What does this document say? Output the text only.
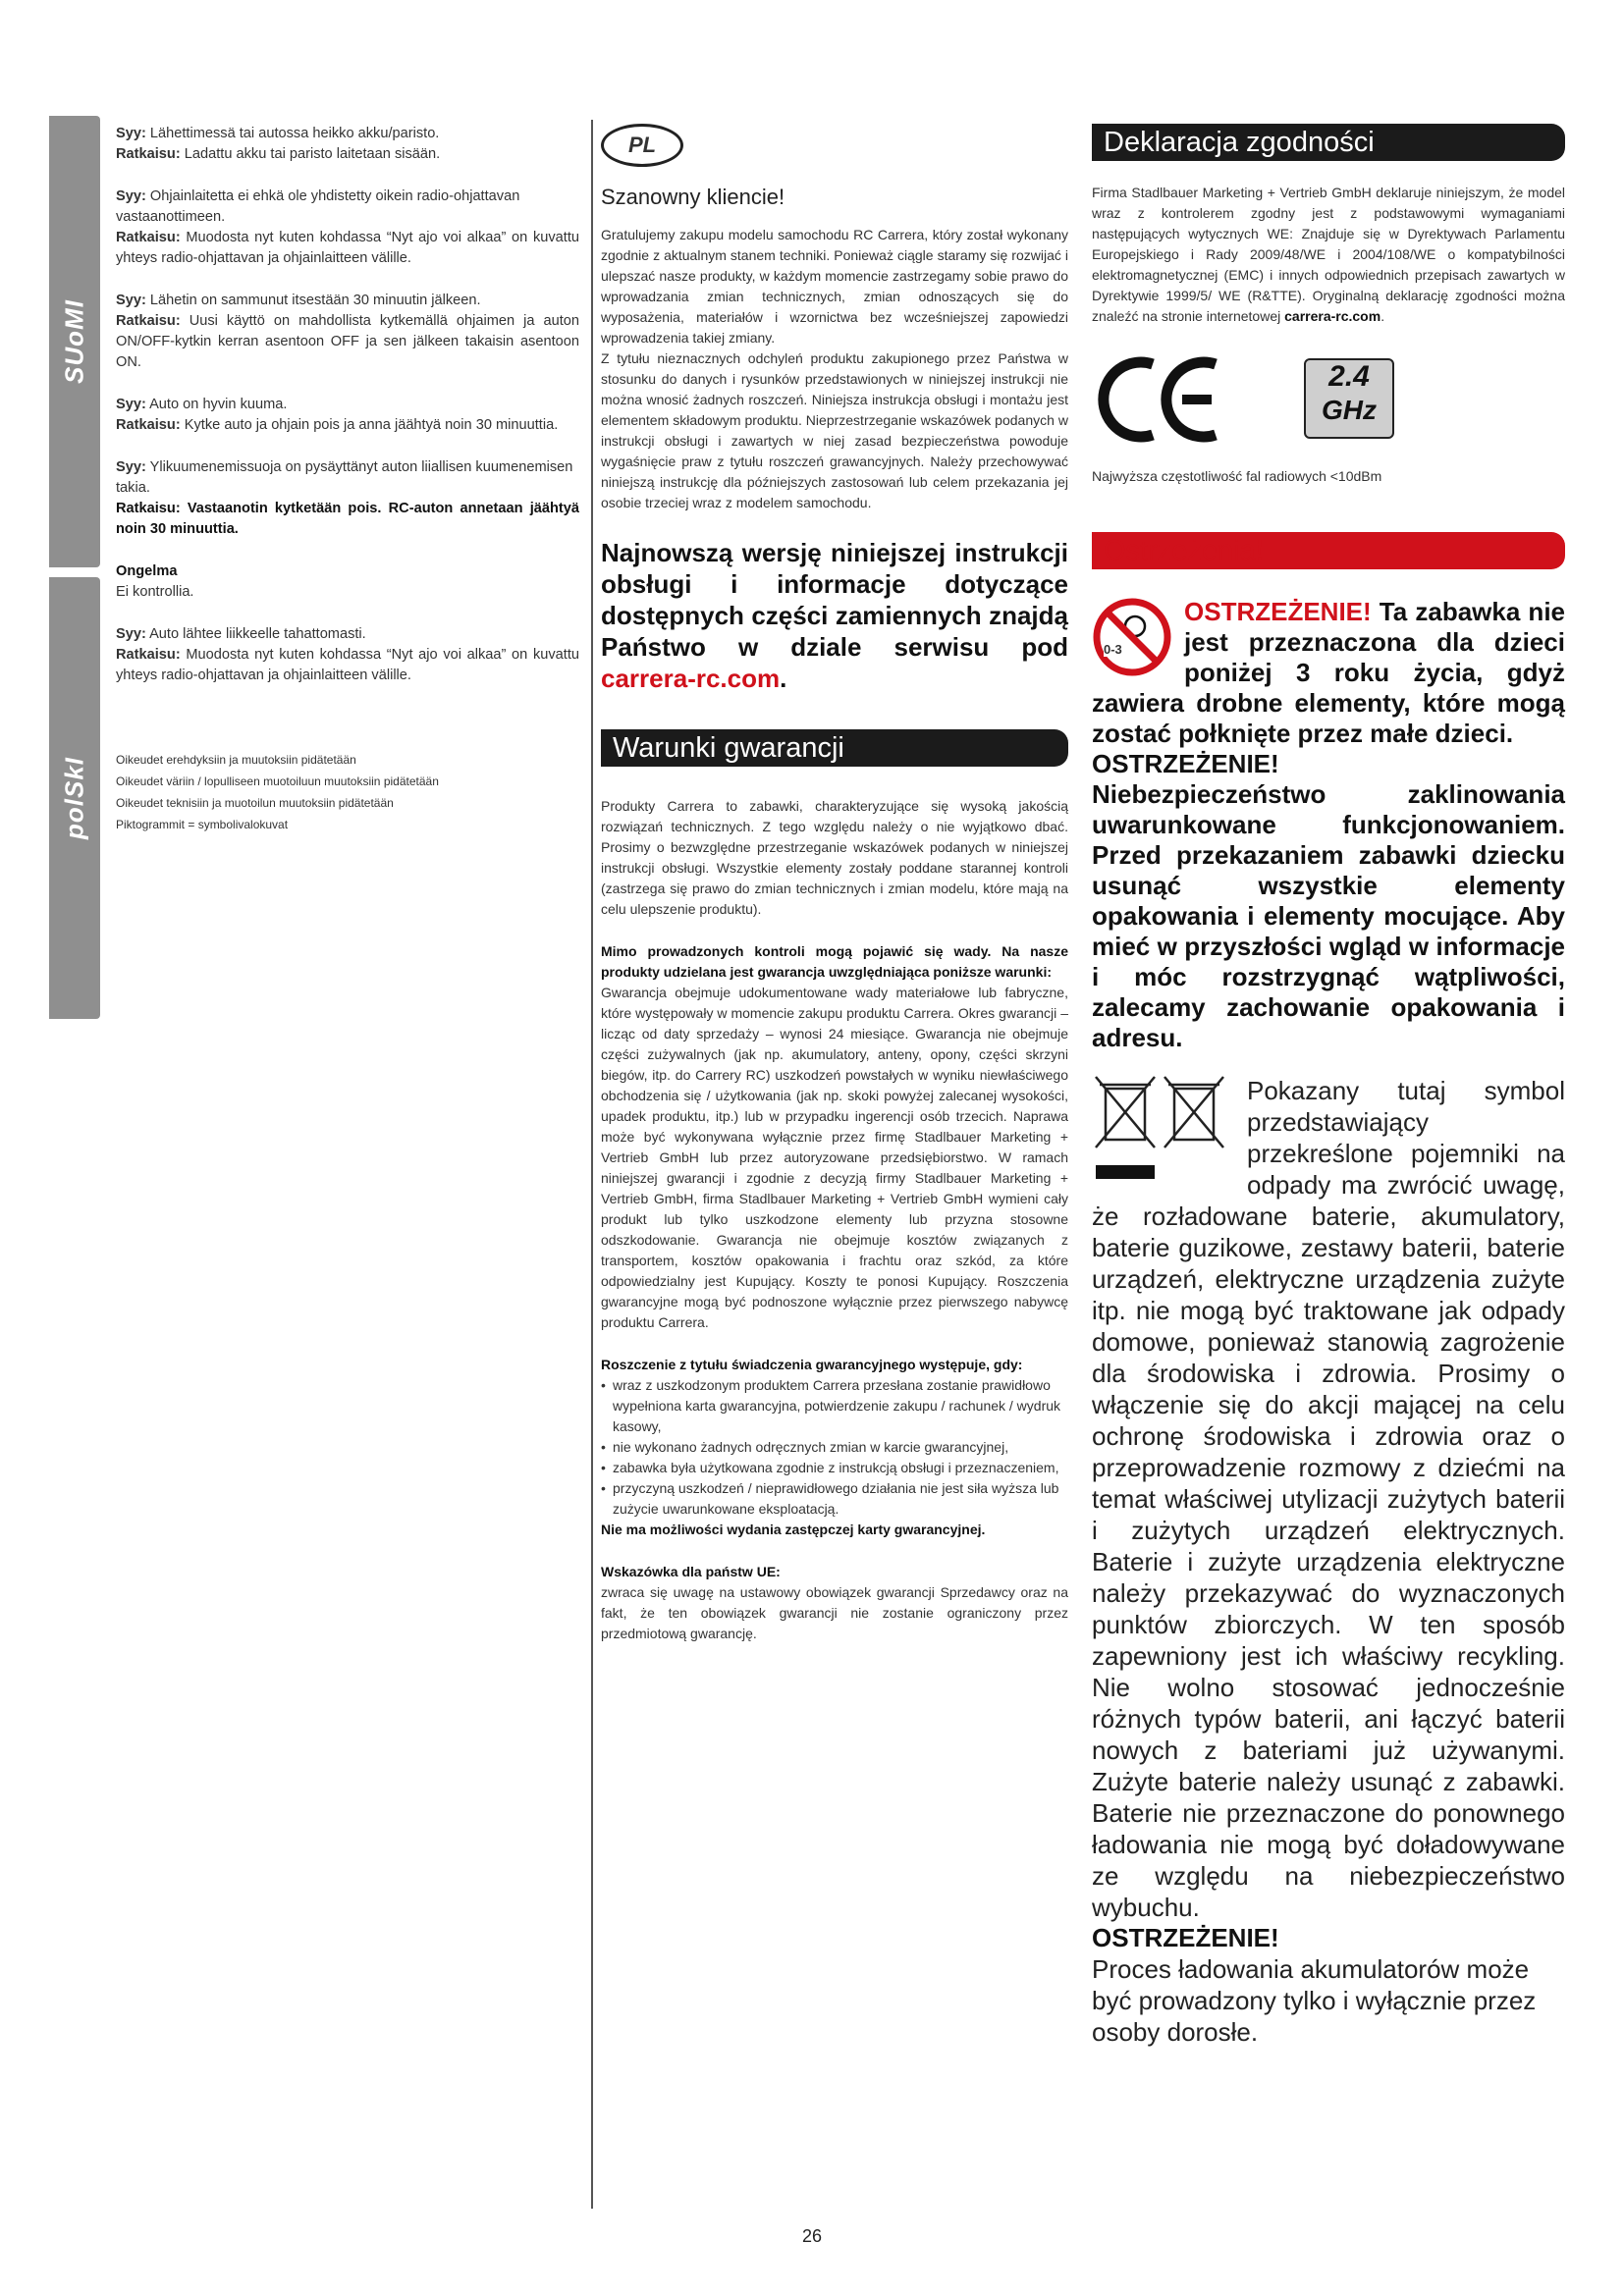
SUoMI
polSkI

Syy: Lähettimessä tai autossa heikko akku/paristo.

Ratkaisu: Ladattu akku tai paristo laitetaan sisään.

Syy: Ohjainlaitetta ei ehkä ole yhdistetty oikein radio-ohjattavan vastaanottimeen.

Ratkaisu: Muodosta nyt kuten kohdassa “Nyt ajo voi alkaa” on kuvattu yhteys radio-ohjattavan ja ohjainlaitteen välille.

Syy: Lähetin on sammunut itsestään 30 minuutin jälkeen.

Ratkaisu: Uusi käyttö on mahdollista kytkemällä ohjaimen ja auton ON/OFF-kytkin kerran asentoon OFF ja sen jälkeen takaisin asentoon ON.

Syy: Auto on hyvin kuuma.

Ratkaisu: Kytke auto ja ohjain pois ja anna jäähtyä noin 30 minuuttia.

Syy: Ylikuumenemissuoja on pysäyttänyt auton liiallisen kuumenemisen takia.

Ratkaisu: Vastaanotin kytketään pois. RC-auton annetaan jäähtyä noin 30 minuuttia.

Ongelma

Ei kontrollia.

Syy: Auto lähtee liikkeelle tahattomasti.

Ratkaisu: Muodosta nyt kuten kohdassa “Nyt ajo voi alkaa” on kuvattu yhteys radio-ohjattavan ja ohjainlaitteen välille.

Oikeudet erehdyksiin ja muutoksiin pidätetään

Oikeudet väriin / lopulliseen muotoiluun muutoksiin pidätetään

Oikeudet teknisiin ja muotoilun muutoksiin pidätetään

Piktogrammit = symbolivalokuvat

PL
Szanowny kliencie!

Gratulujemy zakupu modelu samochodu RC Carrera, który został wykonany zgodnie z aktualnym stanem techniki. Ponieważ ciągle staramy się rozwijać i ulepszać nasze produkty, w każdym momencie zastrzegamy sobie prawo do wprowadzania zmian technicznych, zmian odnoszących się do wyposażenia, materiałów i wzornictwa bez wcześniejszej zapowiedzi wprowadzenia takiej zmiany.

Z tytułu nieznacznych odchyleń produktu zakupionego przez Państwa w stosunku do danych i rysunków przedstawionych w niniejszej instrukcji nie można wnosić żadnych roszczeń. Niniejsza instrukcja obsługi i montażu jest elementem składowym produktu. Nieprzestrzeganie wskazówek podanych w instrukcji obsługi i zawartych w niej zasad bezpieczeństwa powoduje wygaśnięcie praw z tytułu roszczeń grawancyjnych. Należy przechowywać niniejszą instrukcję dla późniejszych zastosowań lub celem przekazania jej osobie trzeciej wraz z modelem samochodu.

Najnowszą wersję niniejszej instrukcji obsługi i informacje dotyczące dostępnych części zamiennych znajdą Państwo w dziale serwisu pod carrera-rc.com.

Warunki gwarancji

Produkty Carrera to zabawki, charakteryzujące się wysoką jakością rozwiązań technicznych. Z tego względu należy o nie wyjątkowo dbać. Prosimy o bezwzględne przestrzeganie wskazówek podanych w niniejszej instrukcji obsługi. Wszystkie elementy zostały poddane starannej kontroli (zastrzega się prawo do zmian technicznych i zmian modelu, które mają na celu ulepszenie produktu).

Mimo prowadzonych kontroli mogą pojawić się wady. Na nasze produkty udzielana jest gwarancja uwzględniająca poniższe warunki:

Gwarancja obejmuje udokumentowane wady materiałowe lub fabryczne, które występowały w momencie zakupu produktu Carrera. Okres gwarancji – licząc od daty sprzedaży – wynosi 24 miesiące. Gwarancja nie obejmuje części zużywalnych (jak np. akumulatory, anteny, opony, części skrzyni biegów, itp. do Carrery RC) uszkodzeń powstałych w wyniku niewłaściwego obchodzenia się / użytkowania (jak np. skoki powyżej zalecanej wysokości, upadek produktu, itp.) lub w przypadku ingerencji osób trzecich. Naprawa może być wykonywana wyłącznie przez firmę Stadlbauer Marketing + Vertrieb GmbH lub przez autoryzowane przedsiębiorstwo. W ramach niniejszej gwarancji i zgodnie z decyzją firmy Stadlbauer Marketing + Vertrieb GmbH, firma Stadlbauer Marketing + Vertrieb GmbH wymieni cały produkt lub tylko uszkodzone elementy lub przyzna stosowne odszkodowanie. Gwarancja nie obejmuje kosztów związanych z transportem, kosztów opakowania i frachtu oraz szkód, za które odpowiedzialny jest Kupujący. Koszty te ponosi Kupujący. Roszczenia gwarancyjne mogą być podnoszone wyłącznie przez pierwszego nabywcę produktu Carrera.

Roszczenie z tytułu świadczenia gwarancyjnego występuje, gdy:

• wraz z uszkodzonym produktem Carrera przesłana zostanie prawidłowo wypełniona karta gwarancyjna, potwierdzenie zakupu / rachunek / wydruk kasowy,
• nie wykonano żadnych odręcznych zmian w karcie gwarancyjnej,
• zabawka była użytkowana zgodnie z instrukcją obsługi i przeznaczeniem,
• przyczyną uszkodzeń / nieprawidłowego działania nie jest siła wyższa lub zużycie uwarunkowane eksploatacją.

Nie ma możliwości wydania zastępczej karty gwarancyjnej.

Wskazówka dla państw UE:

zwraca się uwagę na ustawowy obowiązek gwarancji Sprzedawcy oraz na fakt, że ten obowiązek gwarancji nie zostanie ograniczony przez przedmiotową gwarancję.

Deklaracja zgodności

Firma Stadlbauer Marketing + Vertrieb GmbH deklaruje niniejszym, że model wraz z kontrolerem zgodny jest z podstawowymi wymaganiami następujących wytycznych WE: Znajduje się w Dyrektywach Parlamentu Europejskiego i Rady 2009/48/WE i 2004/108/WE o kompatybilności elektromagnetycznej (EMC) i innych odpowiednich przepisach zawartych w Dyrektywie 1999/5/ WE (R&TTE). Oryginalną deklarację zgodności można znaleźć na stronie internetowej carrera-rc.com.

2.4
GHz

Najwyższa częstotliwość fal radiowych <10dBm

Ostrzeżenia!
0-3

OSTRZEŻENIE! Ta zabawka nie jest przeznaczona dla dzieci poniżej 3 roku życia, gdyż zawiera drobne elementy, które mogą zostać połknięte przez małe dzieci.

OSTRZEŻENIE!

Niebezpieczeństwo zaklinowania uwarunkowane funkcjonowaniem. Przed przekazaniem zabawki dziecku usunąć wszystkie elementy opakowania i elementy mocujące. Aby mieć w przyszłości wgląd w informacje i móc rozstrzygnąć wątpliwości, zalecamy zachowanie opakowania i adresu.

Pokazany tutaj symbol przedstawiający przekreślone pojemniki na odpady ma zwrócić uwagę, że rozładowane baterie, akumulatory, baterie guzikowe, zestawy baterii, baterie urządzeń, elektryczne urządzenia zużyte itp. nie mogą być traktowane jak odpady domowe, ponieważ stanowią zagrożenie dla środowiska i zdrowia. Prosimy o włączenie się do akcji mającej na celu ochronę środowiska i zdrowia oraz o przeprowadzenie rozmowy z dziećmi na temat właściwej utylizacji zużytych baterii i zużytych urządzeń elektrycznych. Baterie i zużyte urządzenia elektryczne należy przekazywać do wyznaczonych punktów zbiorczych. W ten sposób zapewniony jest ich właściwy recykling. Nie wolno stosować jednocześnie różnych typów baterii, ani łączyć baterii nowych z bateriami już używanymi. Zużyte baterie należy usunąć z zabawki. Baterie nie przeznaczone do ponownego ładowania nie mogą być doładowywane ze względu na niebezpieczeństwo wybuchu.

OSTRZEŻENIE!

Proces ładowania akumulatorów może być prowadzony tylko i wyłącznie przez osoby dorosłe.

26
